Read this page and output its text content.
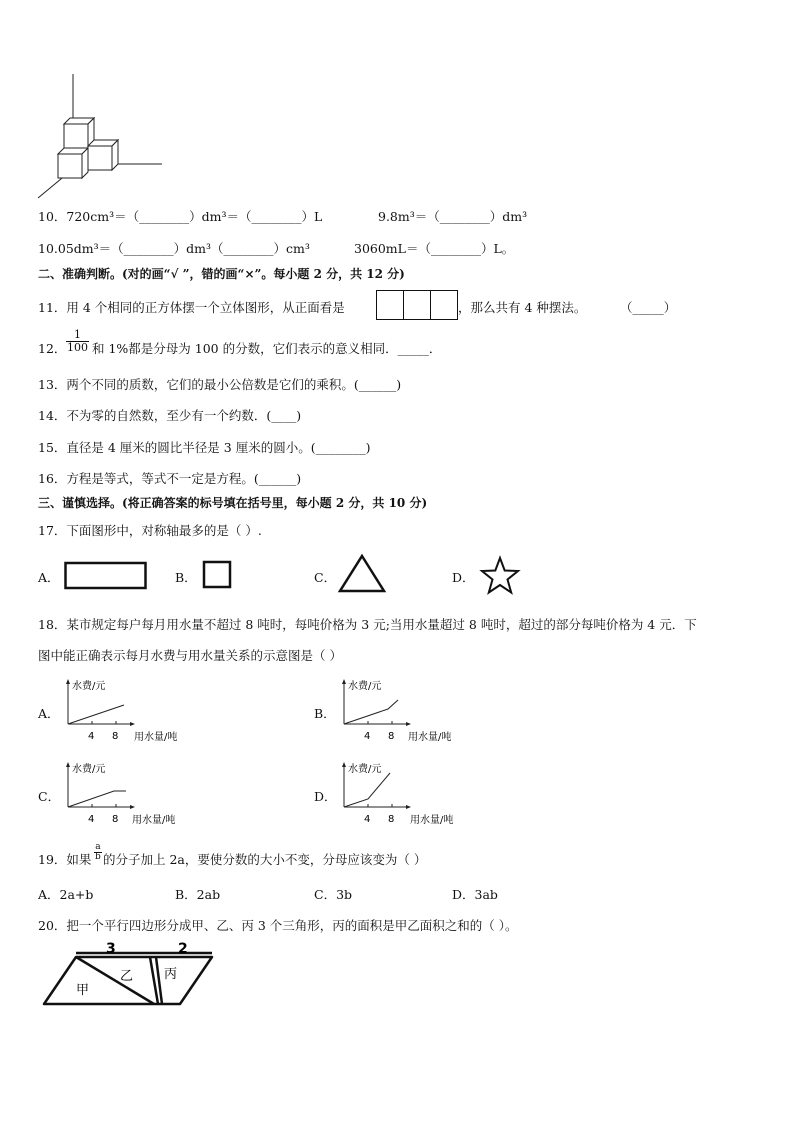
10．720cm³＝（________）dm³＝（________）L	9.8m³＝（________）dm³
10.05dm³＝（________）dm³（________）cm³	3060mL＝（________）L。
二、准确判断。(对的画“√ ”，错的画“×”。每小题 2 分，共 12 分)
11．用 4 个相同的正方体摆一个立体图形，从正面看是	，那么共有 4 种摆法。	（_____）
12． $\frac{1}{100}$ 和 1%都是分母为 100 的分数，它们表示的意义相同．_____．
13．两个不同的质数，它们的最小公倍数是它们的乘积。(______)
14．不为零的自然数，至少有一个约数．(____)
15．直径是 4 厘米的圆比半径是 3 厘米的圆小。(________)
16．方程是等式，等式不一定是方程。(______)
三、谨慎选择。(将正确答案的标号填在括号里，每小题 2 分，共 10 分)
17．下面图形中，对称轴最多的是（ ）.
A．	B．	C．	D．
18．某市规定每户每月用水量不超过 8 吨时，每吨价格为 3 元;当用水量超过 8 吨时，超过的部分每吨价格为 4 元．下
图中能正确表示每月水费与用水量关系的示意图是（ ）
A．
水费/元
用水量/吨
4 8
B．
水费/元
用水量/吨
4 8
C．
水费/元
用水量/吨
4 8
D．
水费/元
用水量/吨
4 8
19．如果 $\frac{a}{b}$ 的分子加上 2a，要使分数的大小不变，分母应该变为（ ）
A．2a+b	B．2ab	C．3b	D．3ab
20．把一个平行四边形分成甲、乙、丙 3 个三角形，丙的面积是甲乙面积之和的（ ）。
3	2
甲
乙 丙
